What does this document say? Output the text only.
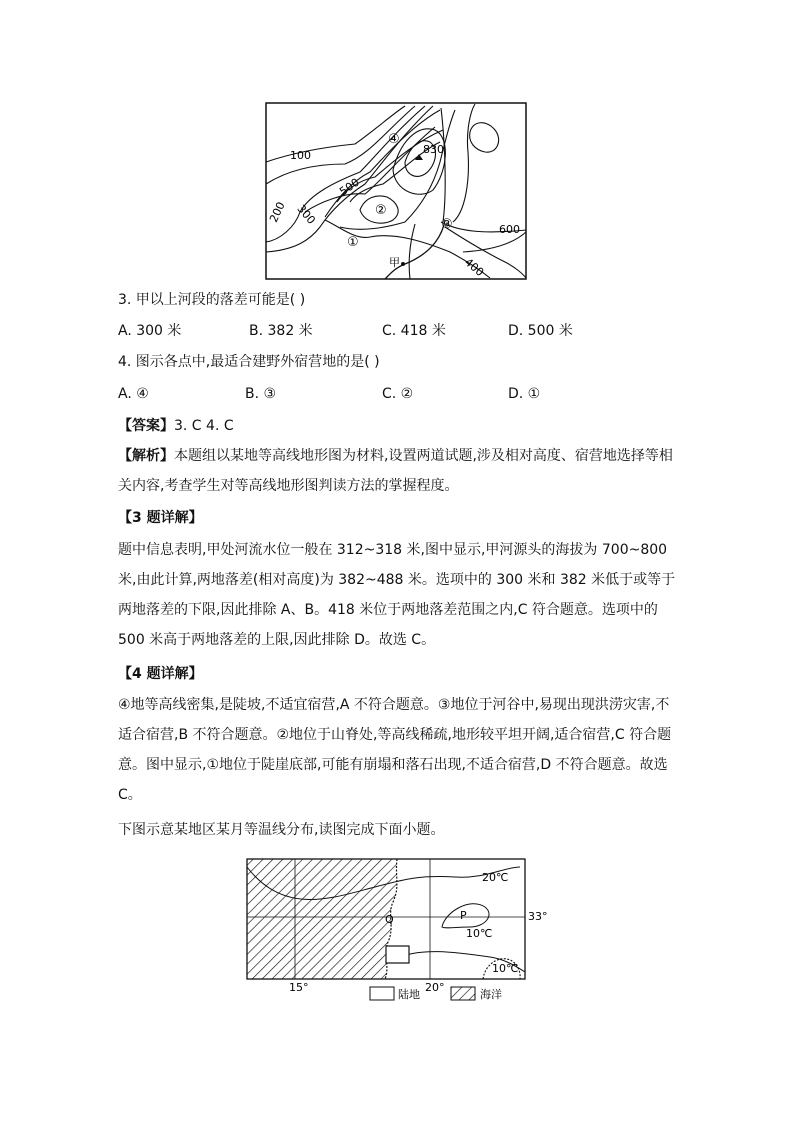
100
200 300
500
600
400
830
④
②
①
③
甲
3. 甲以上河段的落差可能是( )
A. 300 米	B. 382 米	C. 418 米	D. 500 米
4. 图示各点中,最适合建野外宿营地的是( )
A. ④	B. ③	C. ②	D. ①
【答案】3. C 4. C
【解析】本题组以某地等高线地形图为材料,设置两道试题,涉及相对高度、宿营地选择等相关内容,考查学生对等高线地形图判读方法的掌握程度。
【3 题详解】
题中信息表明,甲处河流水位一般在 312~318 米,图中显示,甲河源头的海拔为 700~800 米,由此计算,两地落差(相对高度)为 382~488 米。选项中的 300 米和 382 米低于或等于两地落差的下限,因此排除 A、B。418 米位于两地落差范围之内,C 符合题意。选项中的 500 米高于两地落差的上限,因此排除 D。故选 C。
【4 题详解】
④地等高线密集,是陡坡,不适宜宿营,A 不符合题意。③地位于河谷中,易现出现洪涝灾害,不适合宿营,B 不符合题意。②地位于山脊处,等高线稀疏,地形较平坦开阔,适合宿营,C 符合题意。图中显示,①地位于陡崖底部,可能有崩塌和落石出现,不适合宿营,D 不符合题意。故选 C。
下图示意某地区某月等温线分布,读图完成下面小题。
20℃
33°
Q	P
10℃
10℃
15°	20°
陆地	海洋
